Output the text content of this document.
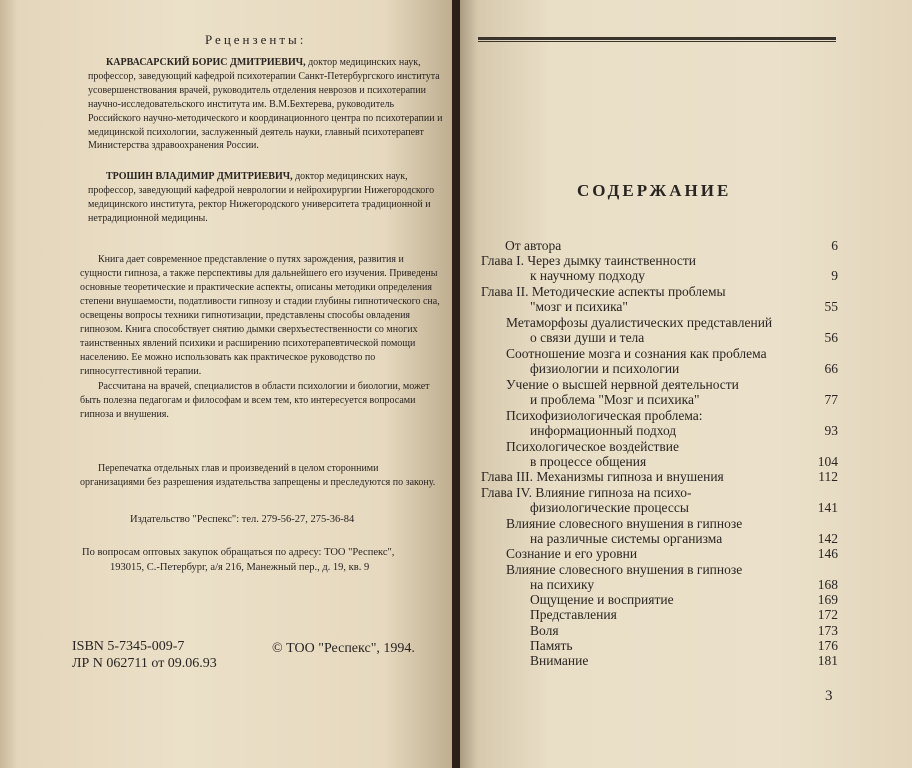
Рецензенты:
КАРВАСАРСКИЙ БОРИС ДМИТРИЕВИЧ, доктор медицинских наук, профессор, заведующий кафедрой психотерапии Санкт-Петербургского института усовершенствования врачей, руководитель отделения неврозов и психотерапии научно-исследовательского института им. В.М.Бехтерева, руководитель Российского научно-методического и координационного центра по психотерапии и медицинской психологии, заслуженный деятель науки, главный психотерапевт Министерства здравоохранения России.
ТРОШИН ВЛАДИМИР ДМИТРИЕВИЧ, доктор медицинских наук, профессор, заведующий кафедрой неврологии и нейрохирургии Нижегородского медицинского института, ректор Нижегородского университета традиционной и нетрадиционной медицины.
Книга дает современное представление о путях зарождения, развития и сущности гипноза, а также перспективы для дальнейшего его изучения. Приведены основные теоретические и практические аспекты, описаны методики определения степени внушаемости, податливости гипнозу и стадии глубины гипнотического сна, освещены вопросы техники гипнотизации, представлены способы овладения гипнозом. Книга способствует снятию дымки сверхъестественности со многих таинственных явлений психики и расширению психотерапевтической помощи населению. Ее можно использовать как практическое руководство по гипносуггестивной терапии.
Рассчитана на врачей, специалистов в области психологии и биологии, может быть полезна педагогам и философам и всем тем, кто интересуется вопросами гипноза и внушения.
Перепечатка отдельных глав и произведений в целом сторонними организациями без разрешения издательства запрещены и преследуются по закону.
Издательство "Респекс": тел. 279-56-27, 275-36-84
По вопросам оптовых закупок обращаться по адресу: ТОО "Респекс",
193015, С.-Петербург, а/я 216, Манежный пер., д. 19, кв. 9
ISBN 5-7345-009-7
ЛР N 062711 от 09.06.93
© ТОО "Респекс", 1994.
СОДЕРЖАНИЕ
От автора	6
Глава I. Через дымку таинственности
к научному подходу	9
Глава II. Методические аспекты проблемы
"мозг и психика"	55
Метаморфозы дуалистических представлений
о связи души и тела	56
Соотношение мозга и сознания как проблема
физиологии и психологии	66
Учение о высшей нервной деятельности
и проблема "Мозг и психика"	77
Психофизиологическая проблема:
информационный подход	93
Психологическое воздействие
в процессе общения	104
Глава III. Механизмы гипноза и внушения	112
Глава IV. Влияние гипноза на психо-
физиологические процессы	141
Влияние словесного внушения в гипнозе
на различные системы организма	142
Сознание и его уровни	146
Влияние словесного внушения в гипнозе
на психику	168
Ощущение и восприятие	169
Представления	172
Воля	173
Память	176
Внимание	181
3
